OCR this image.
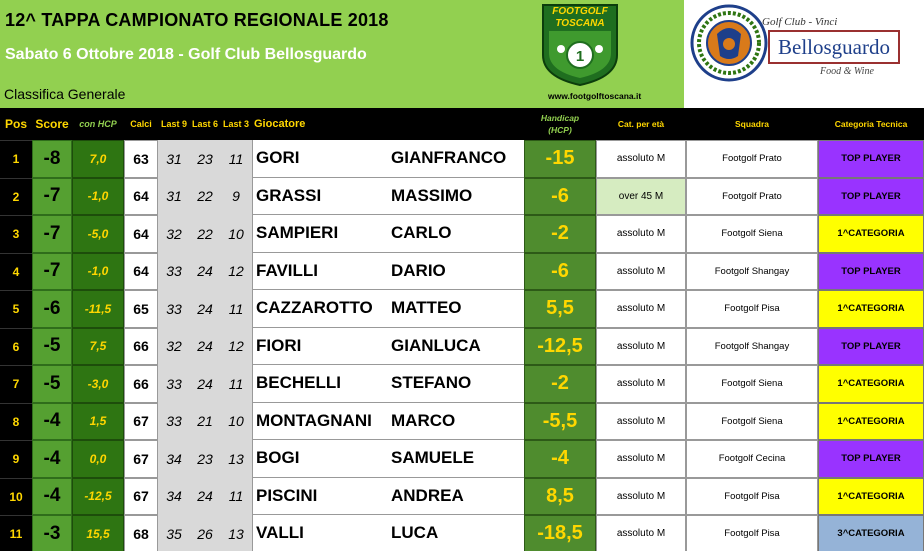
12^ TAPPA CAMPIONATO REGIONALE 2018
Sabato 6 Ottobre 2018 - Golf Club Bellosguardo
Classifica Generale
1
FOOTGOLF
TOSCANA
www.footgolftoscana.it
Golf Club - Vinci
Bellosguardo
Food & Wine
Pos Score	con HCP	Calci	Last 9 Last 6 Last 3 Giocatore	Handicap
(HCP)
Cat. per età	Squadra	Categoria Tecnica
1	-8	7,0	63	31	23	11 GORI	GIANFRANCO	-15	assoluto M	Footgolf Prato	TOP PLAYER
2	-7	-1,0	64	31	22	9 GRASSI	MASSIMO	-6	over 45 M	Footgolf Prato	TOP PLAYER
3	-7	-5,0	64	32	22	10 SAMPIERI	CARLO	-2	assoluto M	Footgolf Siena	1^CATEGORIA
4	-7	-1,0	64	33	24	12 FAVILLI	DARIO	-6	assoluto M	Footgolf Shangay	TOP PLAYER
5	-6	-11,5	65	33	24	11 CAZZAROTTO	MATTEO	5,5	assoluto M	Footgolf Pisa	1^CATEGORIA
6	-5	7,5	66	32	24	12 FIORI	GIANLUCA	-12,5	assoluto M	Footgolf Shangay	TOP PLAYER
7	-5	-3,0	66	33	24	11 BECHELLI	STEFANO	-2	assoluto M	Footgolf Siena	1^CATEGORIA
8	-4	1,5	67	33	21	10 MONTAGNANI	MARCO	-5,5	assoluto M	Footgolf Siena	1^CATEGORIA
9	-4	0,0	67	34	23	13 BOGI	SAMUELE	-4	assoluto M	Footgolf Cecina	TOP PLAYER
10	-4	-12,5	67	34	24	11 PISCINI	ANDREA	8,5	assoluto M	Footgolf Pisa	1^CATEGORIA
11	-3	15,5	68	35	26	13 VALLI	LUCA	-18,5	assoluto M	Footgolf Pisa	3^CATEGORIA
